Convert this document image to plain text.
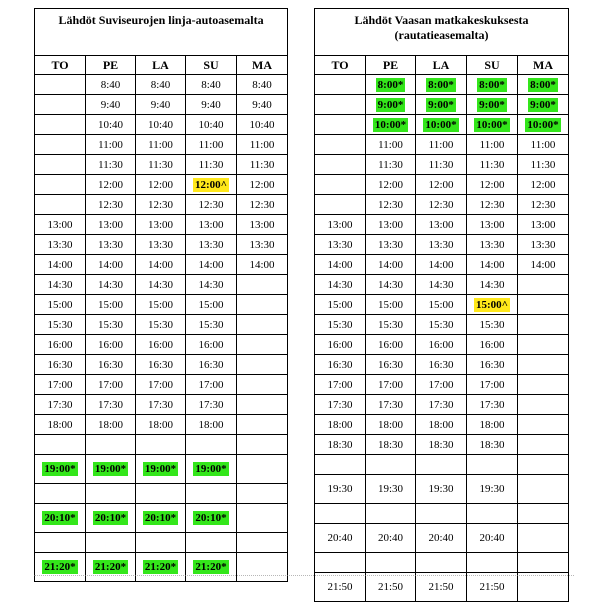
Lähdöt Suviseurojen linja-autoasemalta				
TO	PE	LA	SU	MA
	8:40	8:40	8:40	8:40
	9:40	9:40	9:40	9:40
	10:40	10:40	10:40	10:40
	11:00	11:00	11:00	11:00
	11:30	11:30	11:30	11:30
	12:00	12:00	12:00^	12:00
	12:30	12:30	12:30	12:30
13:00	13:00	13:00	13:00	13:00
13:30	13:30	13:30	13:30	13:30
14:00	14:00	14:00	14:00	14:00
14:30	14:30	14:30	14:30	
15:00	15:00	15:00	15:00	
15:30	15:30	15:30	15:30	
16:00	16:00	16:00	16:00	
16:30	16:30	16:30	16:30	
17:00	17:00	17:00	17:00	
17:30	17:30	17:30	17:30	
18:00	18:00	18:00	18:00	

19:00*	19:00*	19:00*	19:00*	

20:10*	20:10*	20:10*	20:10*	

21:20*	21:20*	21:20*	21:20*	
Lähdöt Vaasan matkakeskuksesta (rautatieasemalta)				
TO	PE	LA	SU	MA
	8:00*	8:00*	8:00*	8:00*
	9:00*	9:00*	9:00*	9:00*
	10:00*	10:00*	10:00*	10:00*
	11:00	11:00	11:00	11:00
	11:30	11:30	11:30	11:30
	12:00	12:00	12:00	12:00
	12:30	12:30	12:30	12:30
13:00	13:00	13:00	13:00	13:00
13:30	13:30	13:30	13:30	13:30
14:00	14:00	14:00	14:00	14:00
14:30	14:30	14:30	14:30	
15:00	15:00	15:00	15:00^	
15:30	15:30	15:30	15:30	
16:00	16:00	16:00	16:00	
16:30	16:30	16:30	16:30	
17:00	17:00	17:00	17:00	
17:30	17:30	17:30	17:30	
18:00	18:00	18:00	18:00	
18:30	18:30	18:30	18:30	

19:30	19:30	19:30	19:30	

20:40	20:40	20:40	20:40	

21:50	21:50	21:50	21:50	
